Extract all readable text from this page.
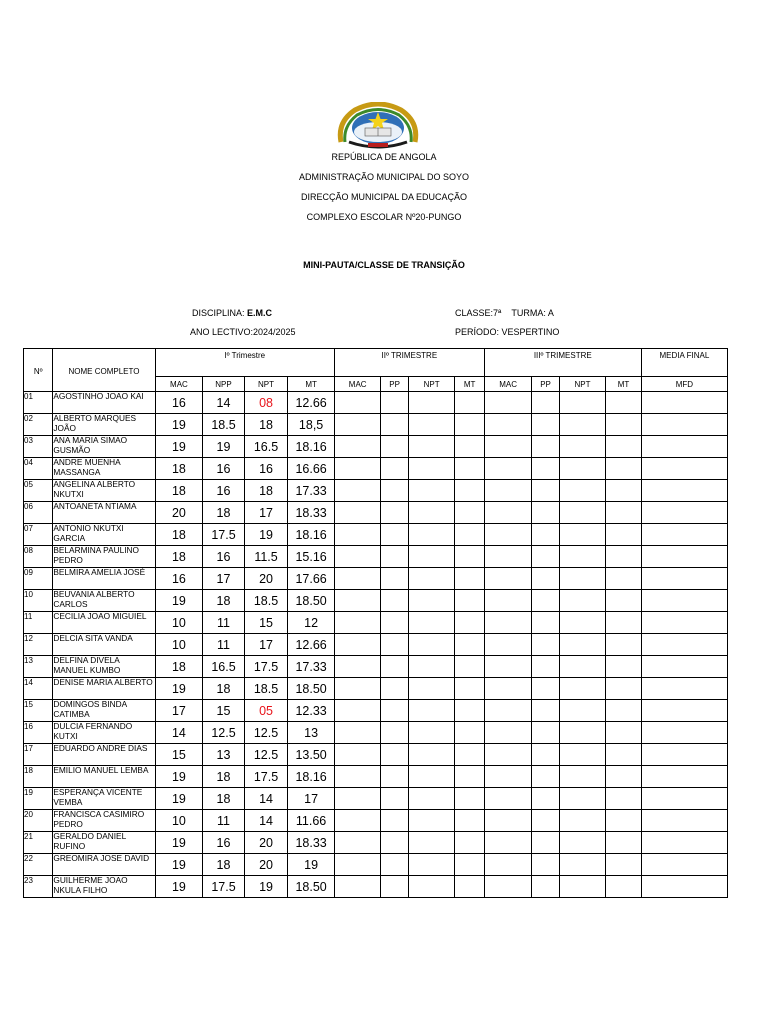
REPÚBLICA DE ANGOLA
ADMINISTRAÇÃO MUNICIPAL DO SOYO
DIRECÇÃO MUNICIPAL DA EDUCAÇÃO
COMPLEXO ESCOLAR Nº20-PUNGO
MINI-PAUTA/CLASSE DE TRANSIÇÃO
DISCIPLINA: E.M.C	CLASSE:7ª TURMA: A
ANO LECTIVO:2024/2025	PERÍODO: VESPERTINO
Nº	NOME COMPLETO	Iº Trimestre				IIº TRIMESTRE				IIIº TRIMESTRE				MEDIA FINAL
		MAC	NPP	NPT	MT	MAC	PP	NPT	MT	MAC	PP	NPT	MT	MFD
01	AGOSTINHO JOAO KAI	16	14	08	12.66									
02	ALBERTO MARQUES JOÃO	19	18.5	18	18,5									
03	ANA MARIA SIMAO GUSMÃO	19	19	16.5	18.16									
04	ANDRE MUENHA MASSANGA	18	16	16	16.66									
05	ANGELINA ALBERTO NKUTXI	18	16	18	17.33									
06	ANTOANETA NTIAMA	20	18	17	18.33									
07	ANTONIO NKUTXI GARCIA	18	17.5	19	18.16									
08	BELARMINA PAULINO PEDRO	18	16	11.5	15.16									
09	BELMIRA AMELIA JOSÉ	16	17	20	17.66									
10	BEUVANIA ALBERTO CARLOS	19	18	18.5	18.50									
11	CECILIA JOAO MIGUIEL	10	11	15	12									
12	DELCIA SITA VANDA	10	11	17	12.66									
13	DELFINA DIVELA MANUEL KUMBO	18	16.5	17.5	17.33									
14	DENISE MARIA ALBERTO	19	18	18.5	18.50									
15	DOMINGOS BINDA CATIMBA	17	15	05	12.33									
16	DULCIA FERNANDO KUTXI	14	12.5	12.5	13									
17	EDUARDO ANDRE DIAS	15	13	12.5	13.50									
18	EMILIO MANUEL LEMBA	19	18	17.5	18.16									
19	ESPERANÇA VICENTE VEMBA	19	18	14	17									
20	FRANCISCA CASIMIRO PEDRO	10	11	14	11.66									
21	GERALDO DANIEL RUFINO	19	16	20	18.33									
22	GREOMIRA JOSE DAVID	19	18	20	19									
23	GUILHERME JOAO NKULA FILHO	19	17.5	19	18.50									
